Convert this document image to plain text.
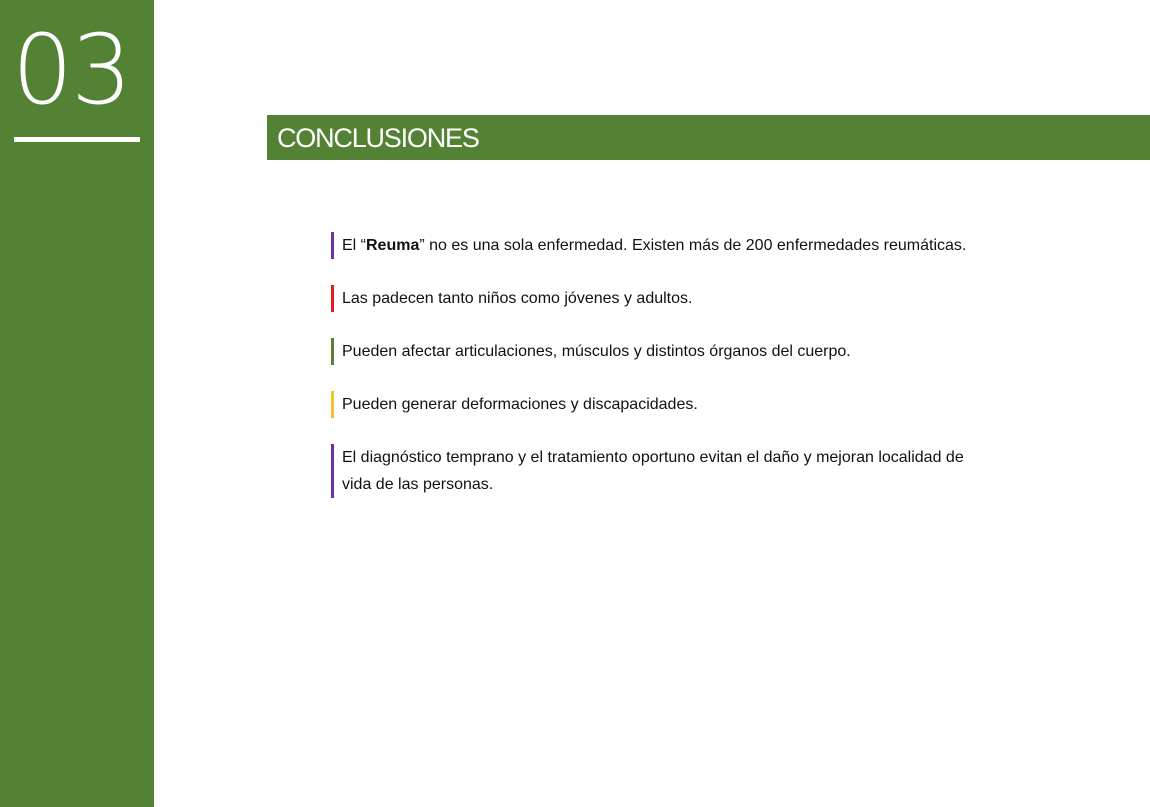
03
CONCLUSIONES
El “Reuma” no es una sola enfermedad. Existen más de 200 enfermedades reumáticas.
Las padecen tanto niños como jóvenes y adultos.
Pueden afectar articulaciones, músculos y distintos órganos del cuerpo.
Pueden generar deformaciones y discapacidades.
El diagnóstico temprano y el tratamiento oportuno evitan el daño y mejoran localidad de vida de las personas.
